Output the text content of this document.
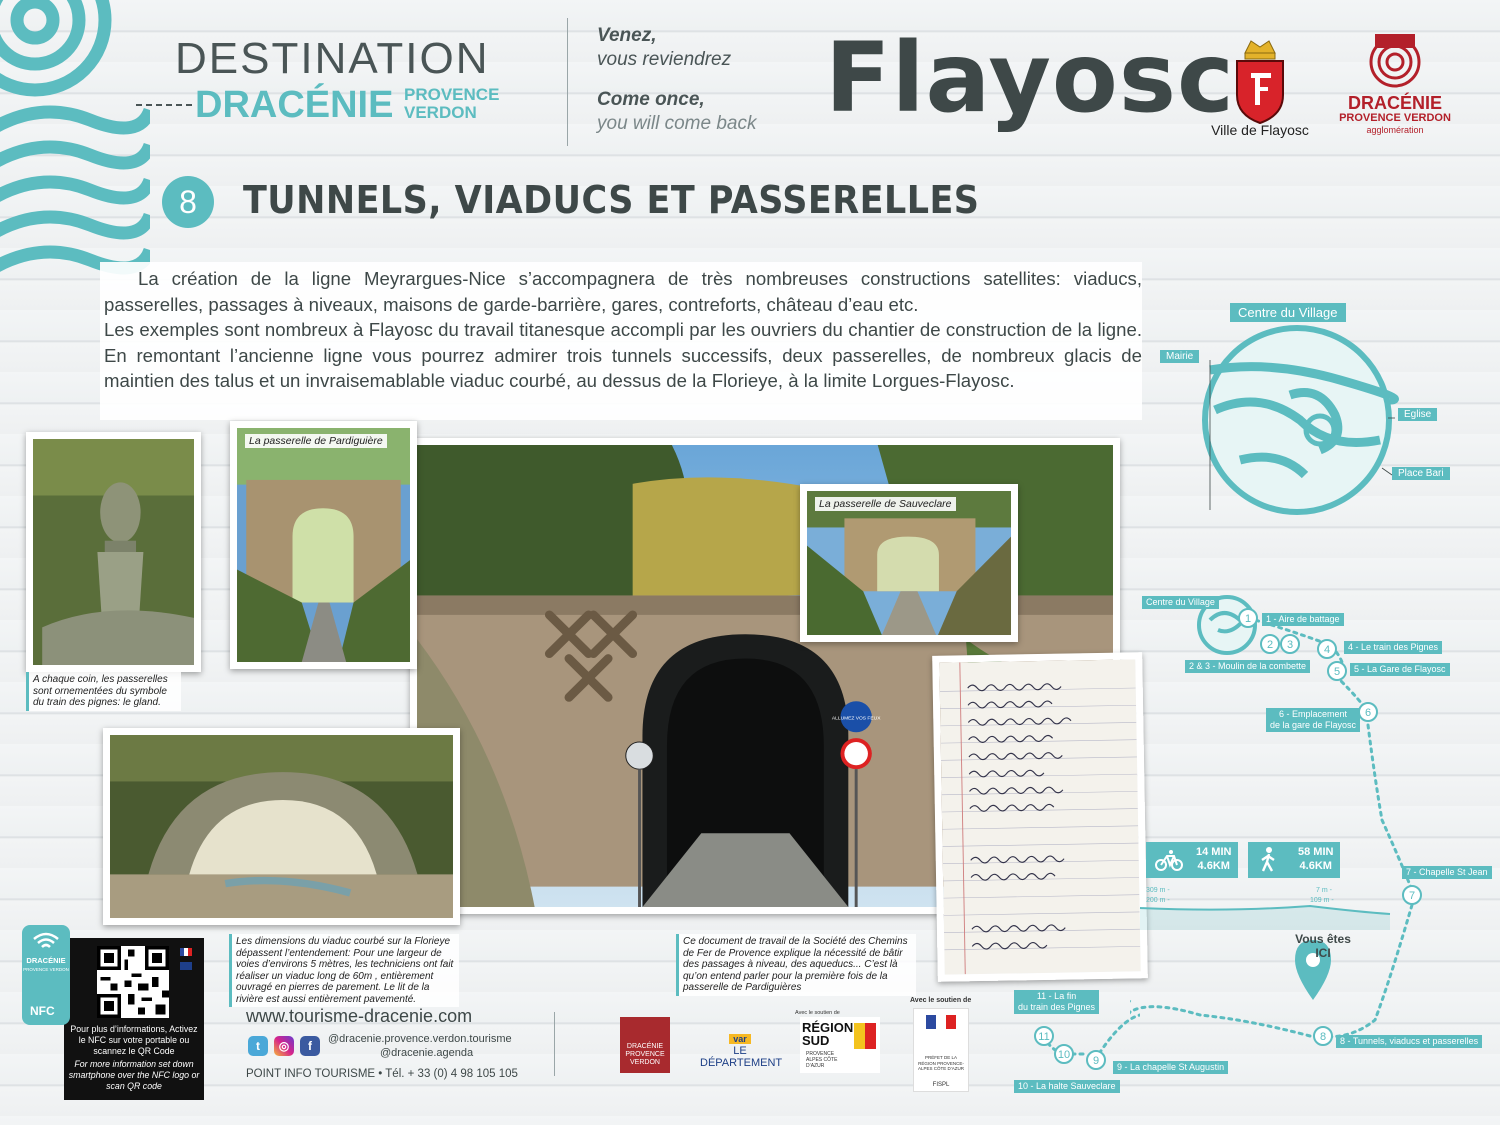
DESTINATION
DRACÉNIE PROVENCE
VERDON
Venez,
vous reviendrez
Come once,
you will come back Flayosc
Ville de Flayosc
DRACÉNIE
PROVENCE VERDON
agglomération
8	TUNNELS, VIADUCS ET PASSERELLES

La création de la ligne Meyrargues-Nice s’accompagnera de très nombreuses constructions satellites: viaducs, passerelles, passages à niveaux, maisons de garde-barrière, gares, contreforts, château d’eau etc.

Les exemples sont nombreux à Flayosc du travail titanesque accompli par les ouvriers du chantier de construction de la ligne. En remontant l’ancienne ligne vous pourrez admirer trois tunnels successifs, deux passerelles, de nombreux glacis de maintien des talus et un invraisemablable viaduc courbé, au dessus de la Florieye, à la limite Lorgues-Flayosc.

ALLUMEZ VOS FEUX
La passerelle de Pardiguière
La passerelle de Sauveclare
A chaque coin, les passerelles sont ornementées du symbole du train des pignes: le gland.
Les dimensions du viaduc courbé sur la Florieye dépassent l’entendement: Pour une largeur de voies d’environs 5 mètres, les techniciens ont fait réaliser un viaduc long de 60m , entièrement ouvragé en pierres de parement. Le lit de la rivière est aussi entièrement pavementé.
Ce document de travail de la Société des Chemins de Fer de Provence explique la nécessité de bâtir des passages à niveau, des aqueducs... C’est là qu’on entend parler pour la première fois de la passerelle de Pardiguières
DRACÉNIE
PROVENCE VERDON
NFC
Pour plus d’informations, Activez le NFC sur votre portable ou scannez le QR Code
For more information set down smartphone over the NFC logo or scan QR code
www.tourisme-dracenie.com
t	◎	f	@dracenie.provence.verdon.tourisme
@dracenie.agenda
POINT INFO TOURISME • Tél. + 33 (0) 4 98 105 105
DRACÉNIE PROVENCE VERDON
var
LE DÉPARTEMENT
Avec le soutien de
RÉGION SUD
PROVENCE ALPES CÔTE D’AZUR
Avec le soutien de
PRÉFET DE LA RÉGION PROVENCE-ALPES CÔTE D’AZUR
FISPL
1
2 3	4
5
6
7
8
11
10 9
Centre du Village
Mairie
Eglise
Place Bari
Centre du Village
1 - Aire de battage
2 & 3 - Moulin de la combette
4 - Le train des Pignes
5 - La Gare de Flayosc
6 - Emplacement
de la gare de Flayosc
7 - Chapelle St Jean
8 - Tunnels, viaducs et passerelles
9 - La chapelle St Augustin
10 - La halte Sauveclare
11 - La fin
du train des Pignes
14 MIN
4.6KM
58 MIN
4.6KM
309 m -
200 m -
7 m -
109 m -
Vous êtes
ICI
